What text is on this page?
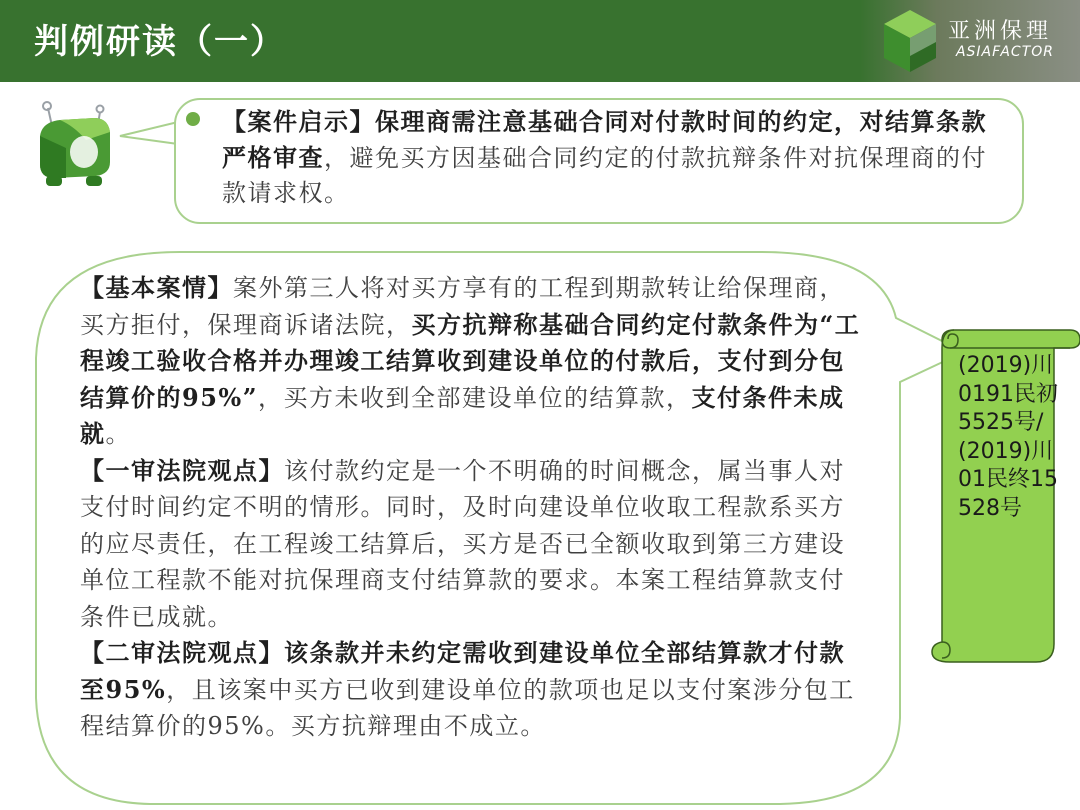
判例研读（一）	亚洲保理
ASIAFACTOR
【案件启示】保理商需注意基础合同对付款时间的约定，对结算条款严格审查，避免买方因基础合同约定的付款抗辩条件对抗保理商的付款请求权。
【基本案情】案外第三人将对买方享有的工程到期款转让给保理商，买方拒付，保理商诉诸法院，买方抗辩称基础合同约定付款条件为“工程竣工验收合格并办理竣工结算收到建设单位的付款后，支付到分包结算价的95%”，买方未收到全部建设单位的结算款，支付条件未成就。
【一审法院观点】该付款约定是一个不明确的时间概念，属当事人对支付时间约定不明的情形。同时，及时向建设单位收取工程款系买方的应尽责任，在工程竣工结算后，买方是否已全额收取到第三方建设单位工程款不能对抗保理商支付结算款的要求。本案工程结算款支付条件已成就。
【二审法院观点】该条款并未约定需收到建设单位全部结算款才付款至95%，且该案中买方已收到建设单位的款项也足以支付案涉分包工程结算价的95%。买方抗辩理由不成立。
(2019)川0191民初5525号/(2019)川01民终15528号
